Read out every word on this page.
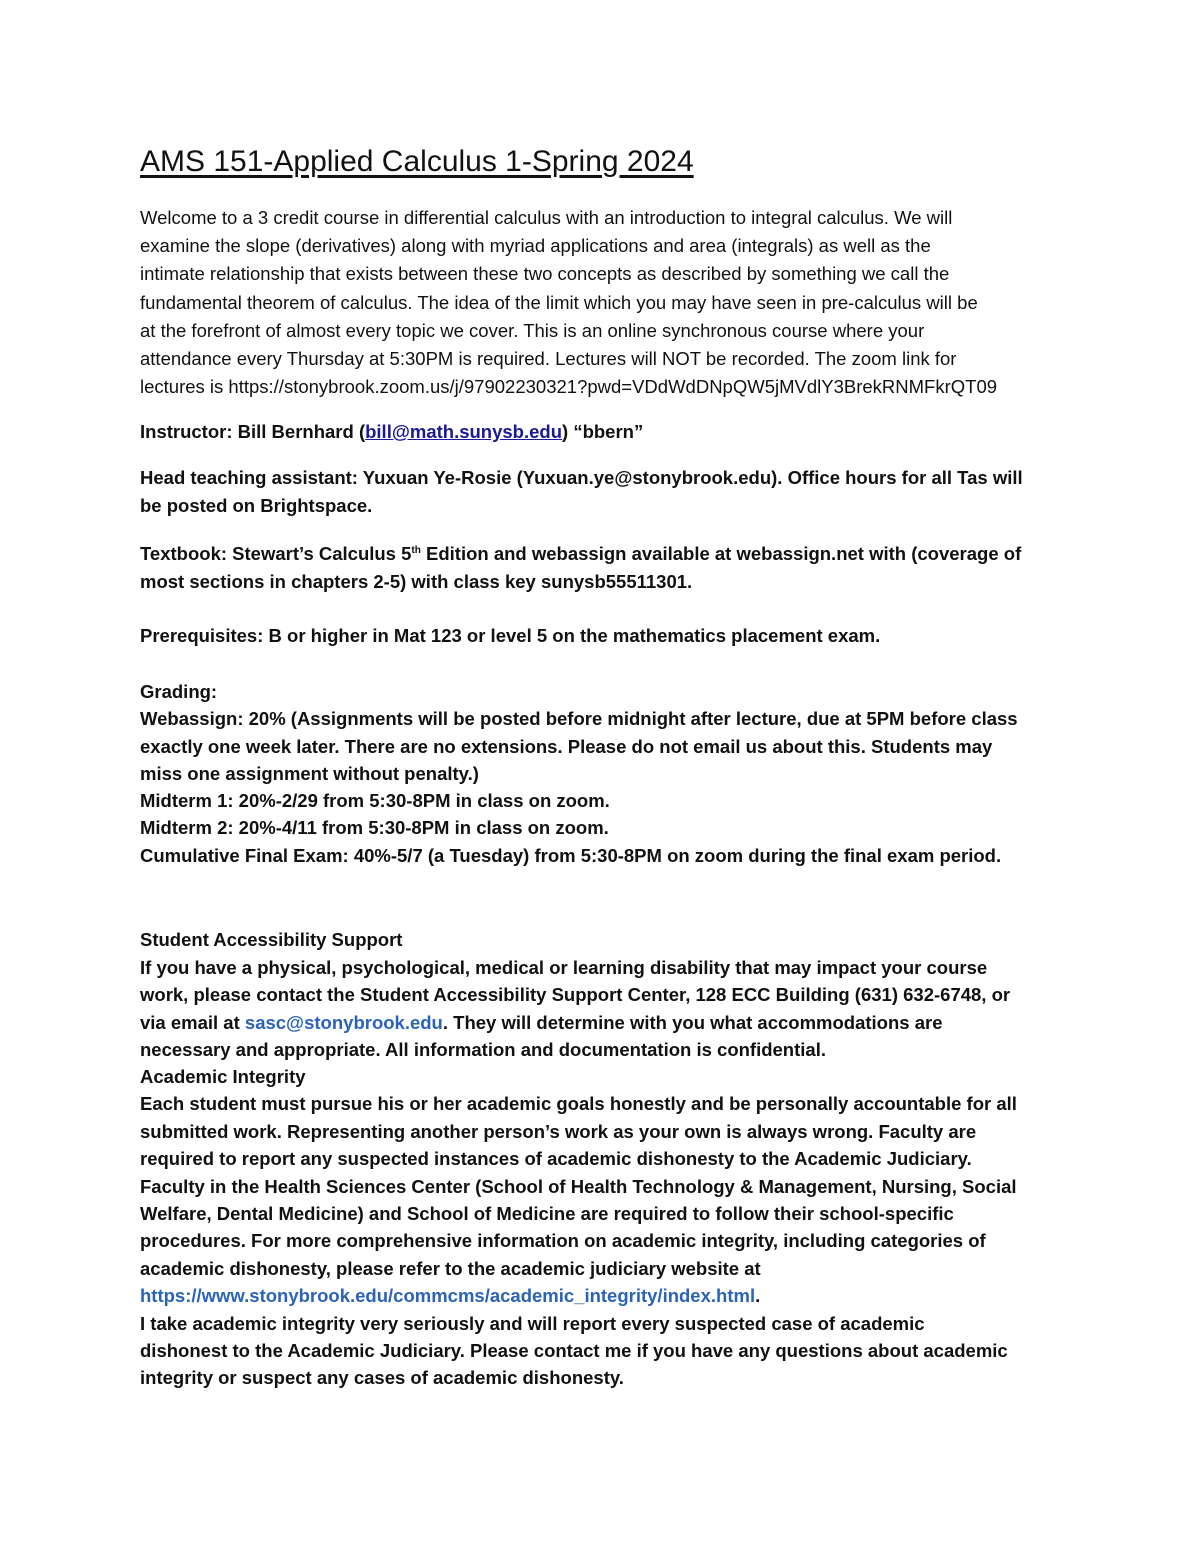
AMS 151-Applied Calculus 1-Spring 2024
Welcome to a 3 credit course in differential calculus with an introduction to integral calculus. We will
examine the slope (derivatives) along with myriad applications and area (integrals) as well as the
intimate relationship that exists between these two concepts as described by something we call the
fundamental theorem of calculus. The idea of the limit which you may have seen in pre-calculus will be
at the forefront of almost every topic we cover. This is an online synchronous course where your
attendance every Thursday at 5:30PM is required. Lectures will NOT be recorded. The zoom link for
lectures is https://stonybrook.zoom.us/j/97902230321?pwd=VDdWdDNpQW5jMVdlY3BrekRNMFkrQT09
Instructor: Bill Bernhard (bill@math.sunysb.edu) “bbern”
Head teaching assistant: Yuxuan Ye-Rosie (Yuxuan.ye@stonybrook.edu). Office hours for all Tas will
be posted on Brightspace.
Textbook: Stewart’s Calculus 5th Edition and webassign available at webassign.net with (coverage of
most sections in chapters 2-5) with class key sunysb55511301.
Prerequisites: B or higher in Mat 123 or level 5 on the mathematics placement exam.
Grading:
Webassign: 20% (Assignments will be posted before midnight after lecture, due at 5PM before class
exactly one week later. There are no extensions. Please do not email us about this. Students may
miss one assignment without penalty.)
Midterm 1: 20%-2/29 from 5:30-8PM in class on zoom.
Midterm 2: 20%-4/11 from 5:30-8PM in class on zoom.
Cumulative Final Exam: 40%-5/7 (a Tuesday) from 5:30-8PM on zoom during the final exam period.
Student Accessibility Support
If you have a physical, psychological, medical or learning disability that may impact your course
work, please contact the Student Accessibility Support Center, 128 ECC Building (631) 632-6748, or
via email at sasc@stonybrook.edu. They will determine with you what accommodations are
necessary and appropriate. All information and documentation is confidential.
Academic Integrity
Each student must pursue his or her academic goals honestly and be personally accountable for all
submitted work. Representing another person’s work as your own is always wrong. Faculty are
required to report any suspected instances of academic dishonesty to the Academic Judiciary.
Faculty in the Health Sciences Center (School of Health Technology & Management, Nursing, Social
Welfare, Dental Medicine) and School of Medicine are required to follow their school-specific
procedures. For more comprehensive information on academic integrity, including categories of
academic dishonesty, please refer to the academic judiciary website at
https://www.stonybrook.edu/commcms/academic_integrity/index.html.
I take academic integrity very seriously and will report every suspected case of academic
dishonest to the Academic Judiciary. Please contact me if you have any questions about academic
integrity or suspect any cases of academic dishonesty.
